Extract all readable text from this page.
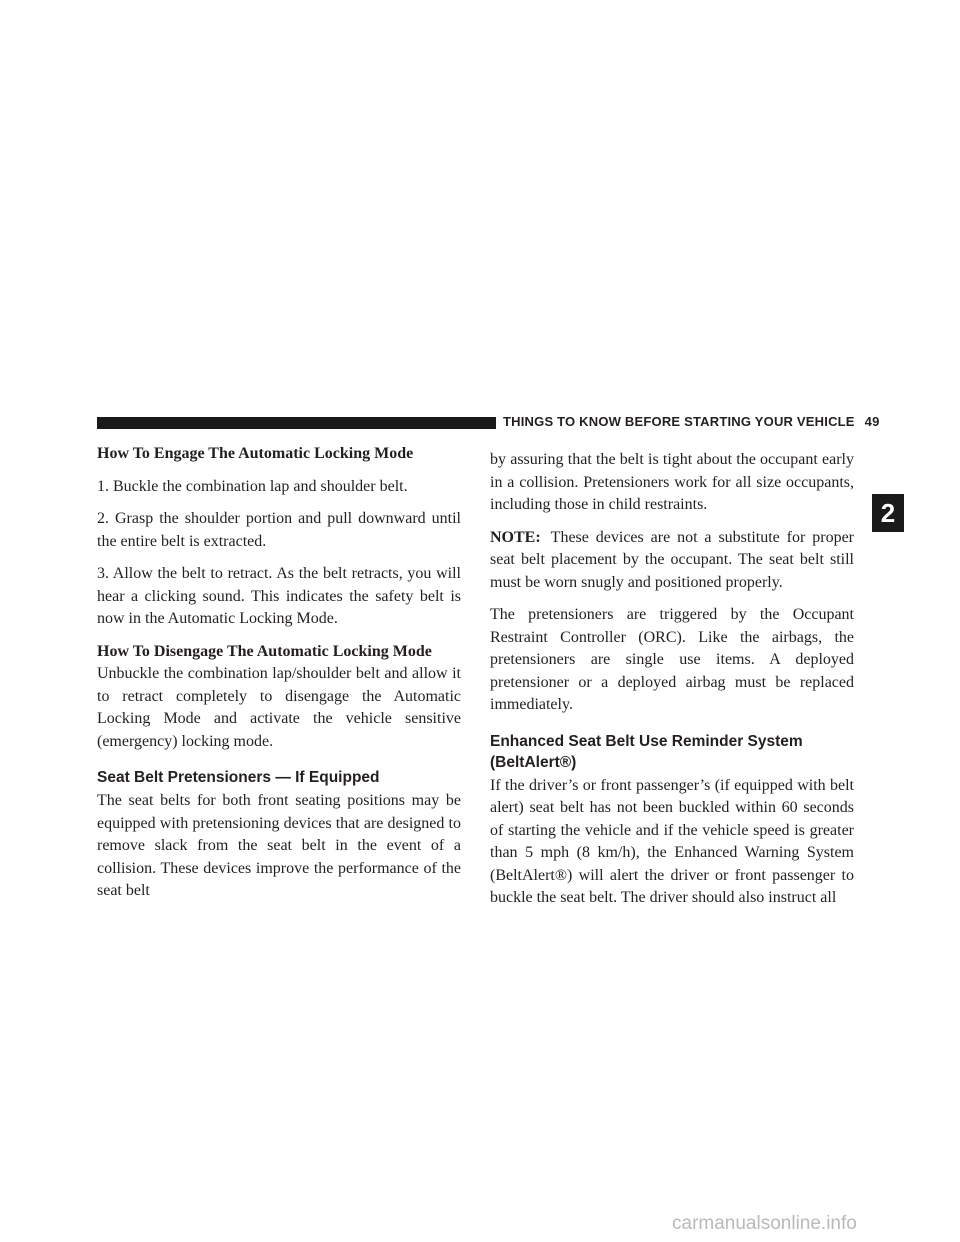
THINGS TO KNOW BEFORE STARTING YOUR VEHICLE 49
2
How To Engage The Automatic Locking Mode

1. Buckle the combination lap and shoulder belt.

2. Grasp the shoulder portion and pull downward until the entire belt is extracted.

3. Allow the belt to retract. As the belt retracts, you will hear a clicking sound. This indicates the safety belt is now in the Automatic Locking Mode.

How To Disengage The Automatic Locking Mode

Unbuckle the combination lap/shoulder belt and allow it to retract completely to disengage the Automatic Locking Mode and activate the vehicle sensitive (emergency) locking mode.

Seat Belt Pretensioners — If Equipped

The seat belts for both front seating positions may be equipped with pretensioning devices that are designed to remove slack from the seat belt in the event of a collision. These devices improve the performance of the seat belt

by assuring that the belt is tight about the occupant early in a collision. Pretensioners work for all size occupants, including those in child restraints.

NOTE: These devices are not a substitute for proper seat belt placement by the occupant. The seat belt still must be worn snugly and positioned properly.

The pretensioners are triggered by the Occupant Restraint Controller (ORC). Like the airbags, the pretensioners are single use items. A deployed pretensioner or a deployed airbag must be replaced immediately.

Enhanced Seat Belt Use Reminder System (BeltAlert®)

If the driver’s or front passenger’s (if equipped with belt alert) seat belt has not been buckled within 60 seconds of starting the vehicle and if the vehicle speed is greater than 5 mph (8 km/h), the Enhanced Warning System (BeltAlert®) will alert the driver or front passenger to buckle the seat belt. The driver should also instruct all

carmanualsonline.info
